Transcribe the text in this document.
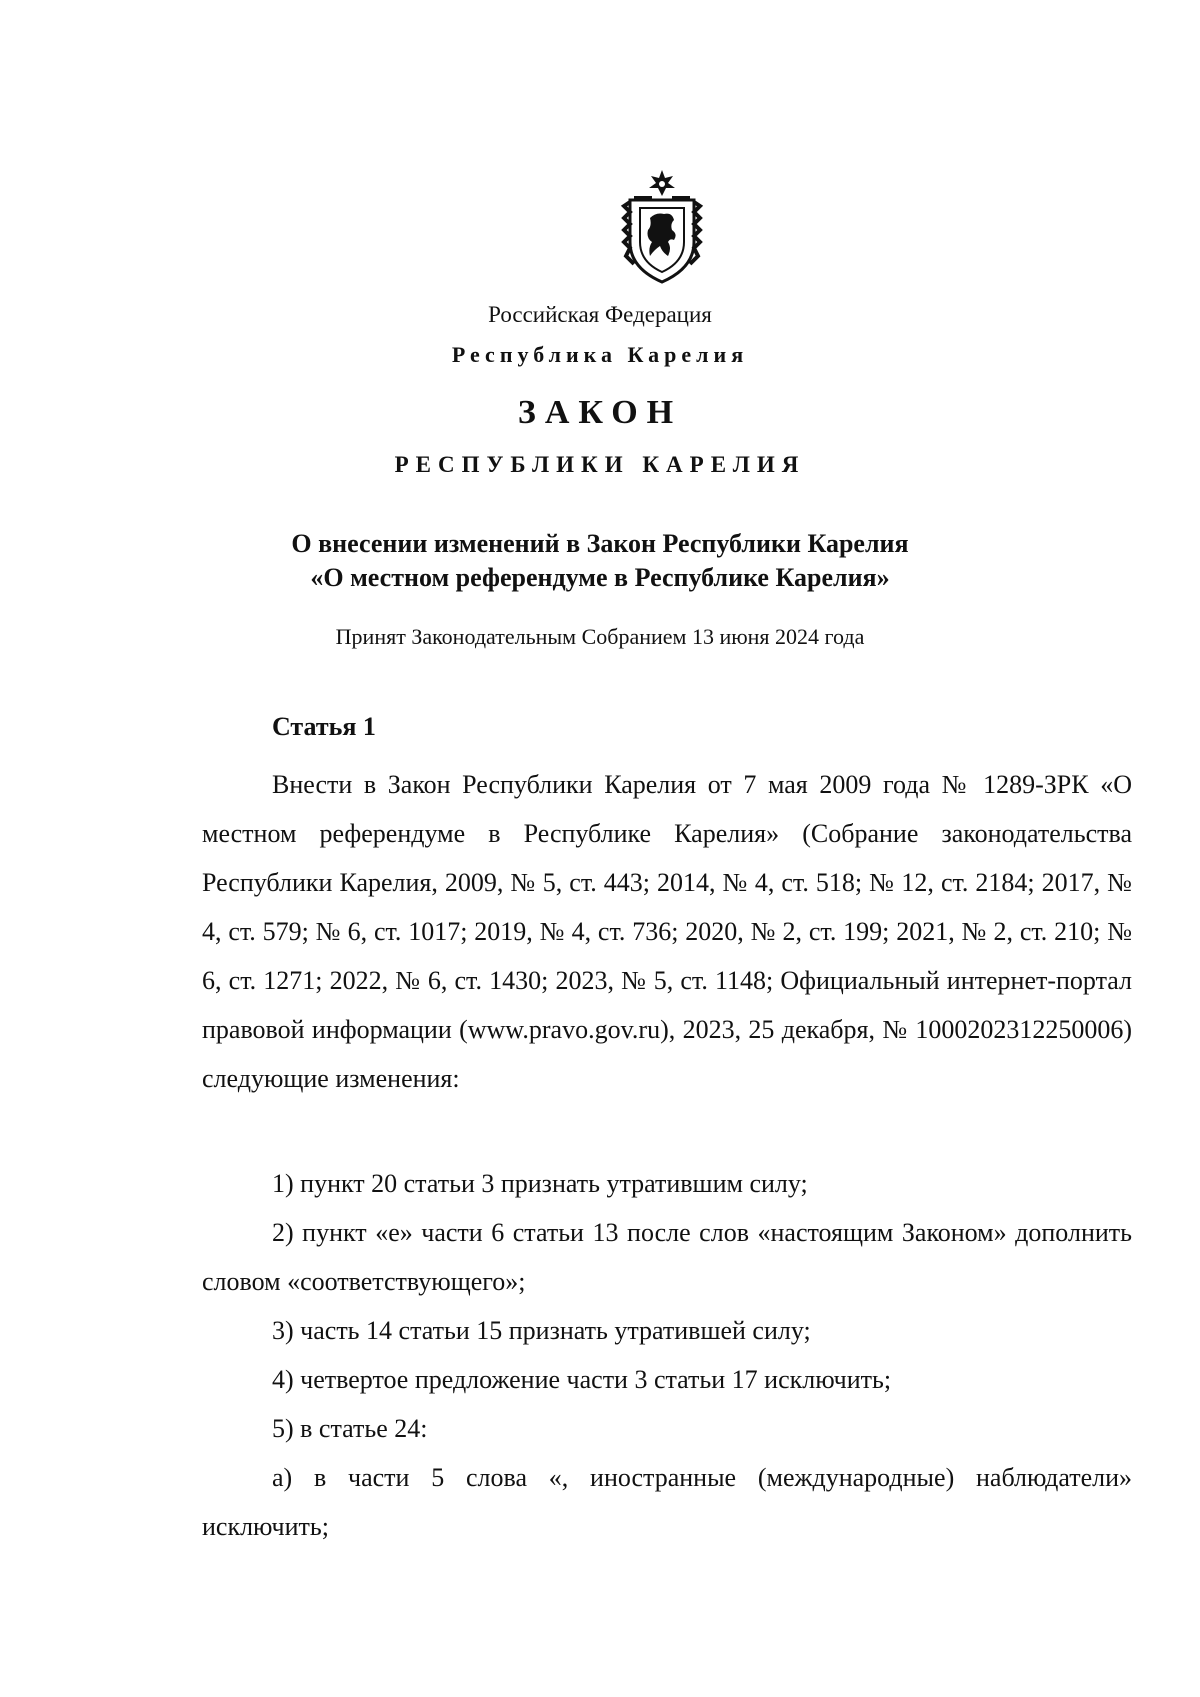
Российская Федерация
Республика Карелия
ЗАКОН
РЕСПУБЛИКИ КАРЕЛИЯ
О внесении изменений в Закон Республики Карелия
«О местном референдуме в Республике Карелия»
Принят Законодательным Собранием 13 июня 2024 года
Статья 1

Внести в Закон Республики Карелия от 7 мая 2009 года № 1289-ЗРК «О местном референдуме в Республике Карелия» (Собрание законодательства Республики Карелия, 2009, № 5, ст. 443; 2014, № 4, ст. 518; № 12, ст. 2184; 2017, № 4, ст. 579; № 6, ст. 1017; 2019, № 4, ст. 736; 2020, № 2, ст. 199; 2021, № 2, ст. 210; № 6, ст. 1271; 2022, № 6, ст. 1430; 2023, № 5, ст. 1148; Официальный интернет-портал правовой информации (www.pravo.gov.ru), 2023, 25 декабря, № 1000202312250006) следующие изменения:

1) пункт 20 статьи 3 признать утратившим силу;

2) пункт «е» части 6 статьи 13 после слов «настоящим Законом» дополнить словом «соответствующего»;

3) часть 14 статьи 15 признать утратившей силу;

4) четвертое предложение части 3 статьи 17 исключить;

5) в статье 24:

а) в части 5 слова «, иностранные (международные) наблюдатели» исключить;
